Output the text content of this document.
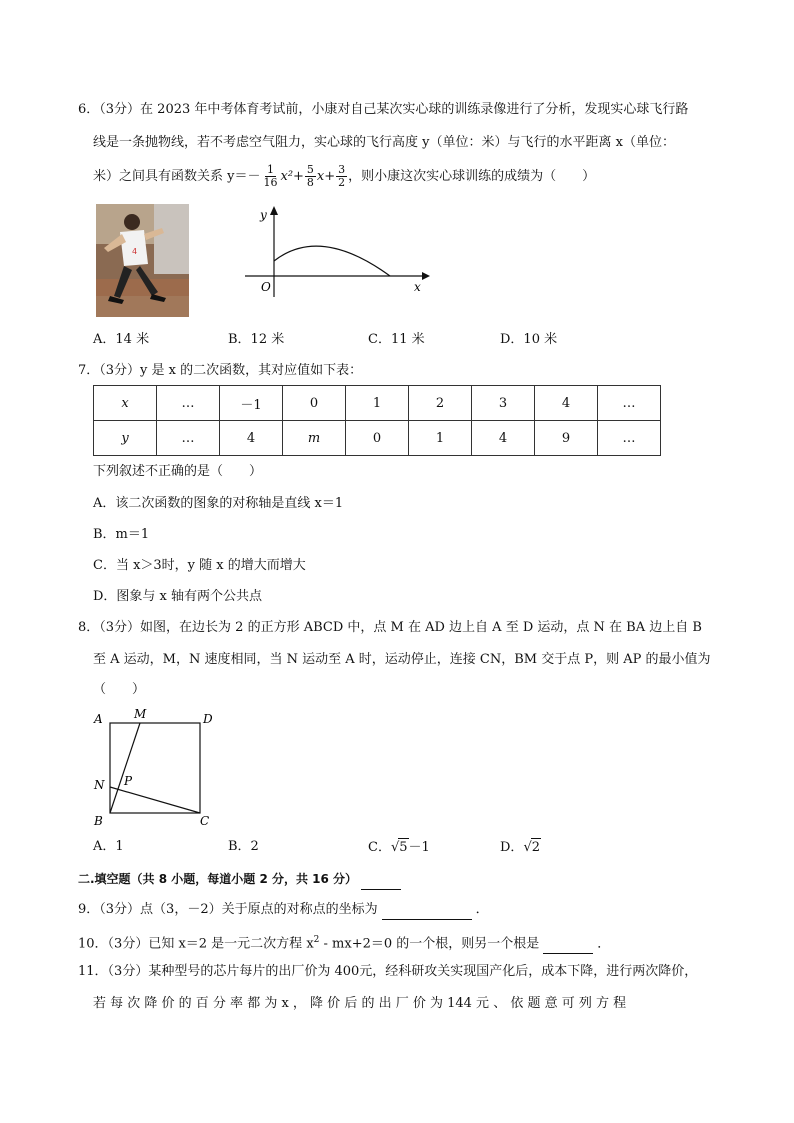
6．（3分）在 2023 年中考体育考试前，小康对自己某次实心球的训练录像进行了分析，发现实心球飞行路
线是一条抛物线，若不考虑空气阻力，实心球的飞行高度 y（单位：米）与飞行的水平距离 x（单位：
米）之间具有函数关系 $y=- \frac{1}{16} x^2+ \frac{5}{8} x+ \frac{3}{2}$ ，则小康这次实心球训练的成绩为（　　）
4
y
x
O
A．14 米	B．12 米	C．11 米	D．10 米
7．（3分）y 是 x 的二次函数，其对应值如下表：
x	…	－1	0	1	2	3	4	…
y	…	4	m	0	1	4	9	…
下列叙述不正确的是（　　）
A．该二次函数的图象的对称轴是直线 x＝1
B．m＝1
C．当 x＞3时，y 随 x 的增大而增大
D．图象与 x 轴有两个公共点
8．（3分）如图，在边长为 2 的正方形 ABCD 中，点 M 在 AD 边上自 A 至 D 运动，点 N 在 BA 边上自 B
至 A 运动，M，N 速度相同，当 N 运动至 A 时，运动停止，连接 CN，BM 交于点 P，则 AP 的最小值为
（　　）
A	M	D
N P
B	C
A．1	B．2	C．√5－1	D．√2
二.填空题（共 8 小题，每道小题 2 分，共 16 分）
9．（3分）点（3，－2）关于原点的对称点的坐标为	．
10．（3分）已知 x＝2 是一元二次方程 $x^2 - mx+2=0$ 的一个根，则另一个根是	．
11．（3分）某种型号的芯片每片的出厂价为 400元，经科研攻关实现国产化后，成本下降，进行两次降价，
若 每 次 降 价 的 百 分 率 都 为 x ， 降 价 后 的 出 厂 价 为 144 元 、 依 题 意 可 列 方 程
